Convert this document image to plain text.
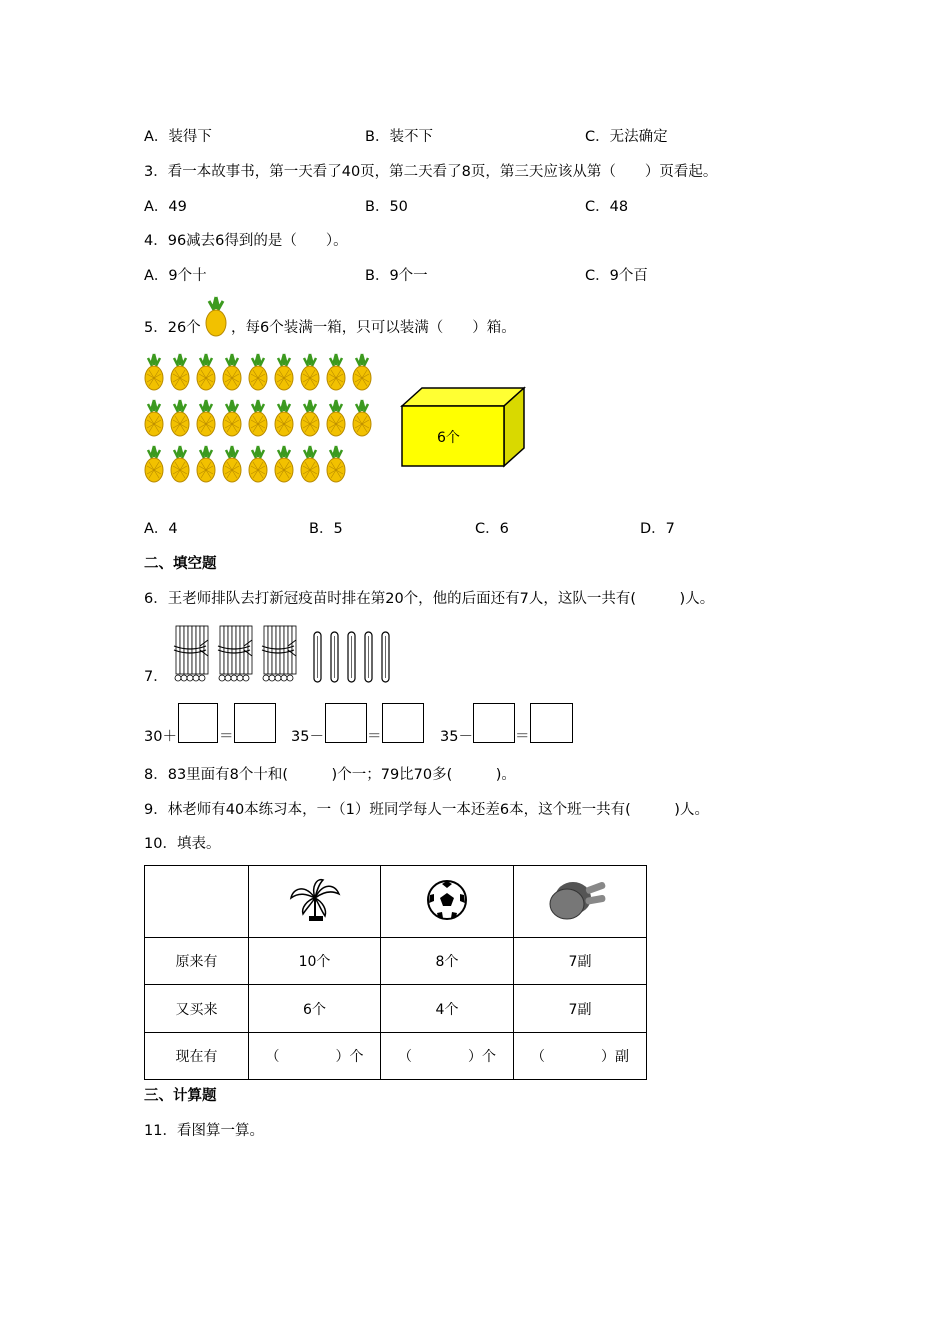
A．装得下	B．装不下	C．无法确定
3．看一本故事书，第一天看了40页，第二天看了8页，第三天应该从第（　　）页看起。
A．49	B．50	C．48
4．96减去6得到的是（　　）。
A．9个十	B．9个一	C．9个百
5．26个 ，每6个装满一箱，只可以装满（　　）箱。
6个
A．4	B．5	C．6	D．7
二、填空题
6．王老师排队去打新冠疫苗时排在第20个，他的后面还有7人，这队一共有(　　　)人。
7．
30＋	＝	35－	＝	35－	＝
8．83里面有8个十和(　　　)个一；79比70多(　　　)。
9．林老师有40本练习本，一（1）班同学每人一本还差6本，这个班一共有(　　　)人。
10．填表。

原来有	10个	8个	7副
又买来	6个	4个	7副
现在有	（　　　　）个	（　　　　）个	（　　　　）副
三、计算题
11．看图算一算。
